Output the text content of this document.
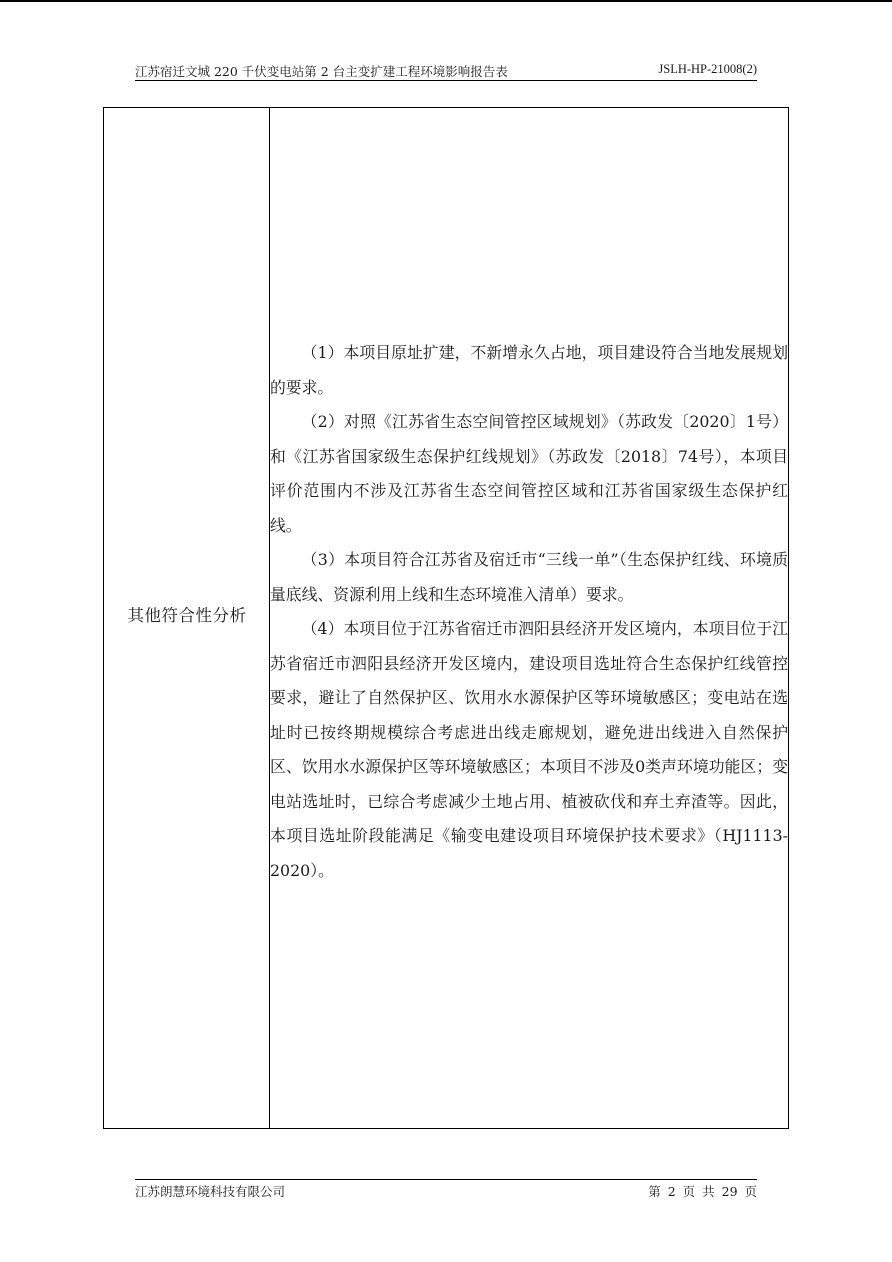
江苏宿迁文城 220 千伏变电站第 2 台主变扩建工程环境影响报告表	JSLH-HP-21008(2)
其他符合性分析

（1）本项目原址扩建，不新增永久占地，项目建设符合当地发展规划的要求。

（2）对照《江苏省生态空间管控区域规划》（苏政发〔2020〕1号）和《江苏省国家级生态保护红线规划》（苏政发〔2018〕74号），本项目评价范围内不涉及江苏省生态空间管控区域和江苏省国家级生态保护红线。

（3）本项目符合江苏省及宿迁市“三线一单”（生态保护红线、环境质量底线、资源利用上线和生态环境准入清单）要求。

（4）本项目位于江苏省宿迁市泗阳县经济开发区境内，本项目位于江苏省宿迁市泗阳县经济开发区境内，建设项目选址符合生态保护红线管控要求，避让了自然保护区、饮用水水源保护区等环境敏感区；变电站在选址时已按终期规模综合考虑进出线走廊规划，避免进出线进入自然保护区、饮用水水源保护区等环境敏感区；本项目不涉及0类声环境功能区；变电站选址时，已综合考虑减少土地占用、植被砍伐和弃土弃渣等。因此，本项目选址阶段能满足《输变电建设项目环境保护技术要求》（HJ1113-2020）。

江苏朗慧环境科技有限公司	第 2 页 共 29 页
